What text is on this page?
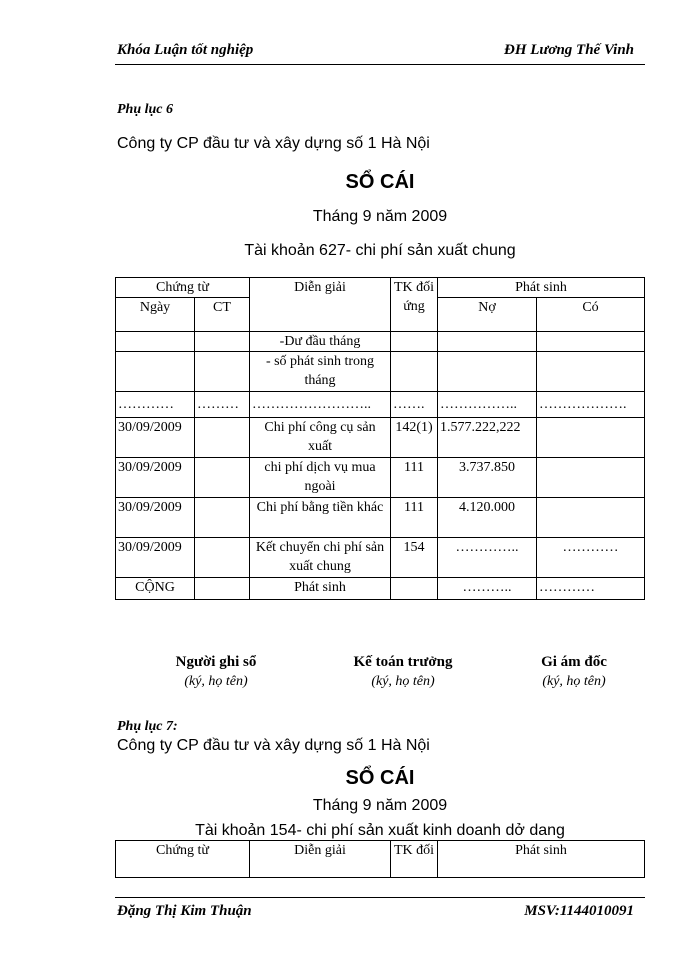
Khóa Luận tốt nghiệp	ĐH Lương Thế Vinh
Phụ lục 6
Công ty CP đầu tư và xây dựng số 1 Hà Nội
SỔ CÁI
Tháng 9 năm 2009
Tài khoản 627- chi phí sản xuất chung
Chứng từ		Diễn giải	TK đối ứng	Phát sinh	
Ngày	CT			Nợ	Có
		-Dư đầu tháng			
		- số phát sinh trong tháng			
…………	………	……………………..	…….	……………..	……………….
30/09/2009		Chi phí công cụ sản xuất	142(1)	1.577.222,222	
30/09/2009		chi phí dịch vụ mua ngoài	111	3.737.850	
30/09/2009		Chi phí bằng tiền khác	111	4.120.000	
30/09/2009		Kết chuyển chi phí sản xuất chung	154	…………..	…………
CỘNG		Phát sinh		………..	…………
Người ghi sổ
(ký, họ tên)
Kế toán trưởng
(ký, họ tên)
Gi ám đốc
(ký, họ tên)
Phụ lục 7:
Công ty CP đầu tư và xây dựng số 1 Hà Nội
SỔ CÁI
Tháng 9 năm 2009
Tài khoản 154- chi phí sản xuất kinh doanh dở dang
Chứng từ	Diễn giải	TK đối	Phát sinh
Đặng Thị Kim Thuận	MSV:1144010091
